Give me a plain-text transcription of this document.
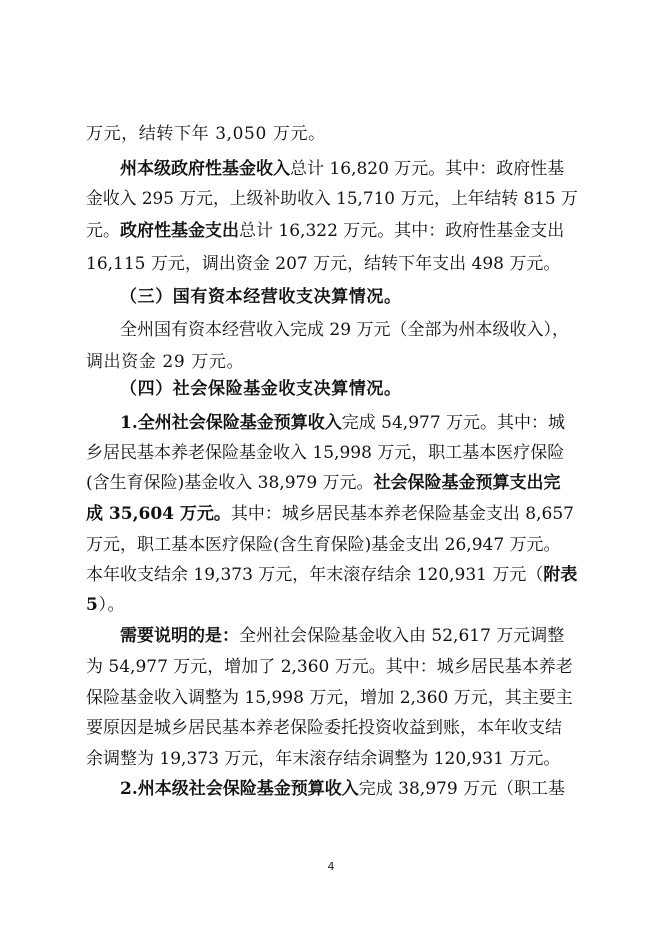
万元，结转下年 3,050 万元。
州本级政府性基金收入总计 16,820 万元。其中：政府性基
金收入 295 万元，上级补助收入 15,710 万元，上年结转 815 万
元。政府性基金支出总计 16,322 万元。其中：政府性基金支出
16,115 万元，调出资金 207 万元，结转下年支出 498 万元。
（三）国有资本经营收支决算情况。
全州国有资本经营收入完成 29 万元（全部为州本级收入），
调出资金 29 万元。
（四）社会保险基金收支决算情况。
1.全州社会保险基金预算收入完成 54,977 万元。其中：城
乡居民基本养老保险基金收入 15,998 万元，职工基本医疗保险
(含生育保险)基金收入 38,979 万元。社会保险基金预算支出完
成 35,604 万元。其中：城乡居民基本养老保险基金支出 8,657
万元，职工基本医疗保险(含生育保险)基金支出 26,947 万元。
本年收支结余 19,373 万元，年末滚存结余 120,931 万元（附表
5）。
需要说明的是：全州社会保险基金收入由 52,617 万元调整
为 54,977 万元，增加了 2,360 万元。其中：城乡居民基本养老
保险基金收入调整为 15,998 万元，增加 2,360 万元，其主要主
要原因是城乡居民基本养老保险委托投资收益到账，本年收支结
余调整为 19,373 万元，年末滚存结余调整为 120,931 万元。
2.州本级社会保险基金预算收入完成 38,979 万元（职工基
4
